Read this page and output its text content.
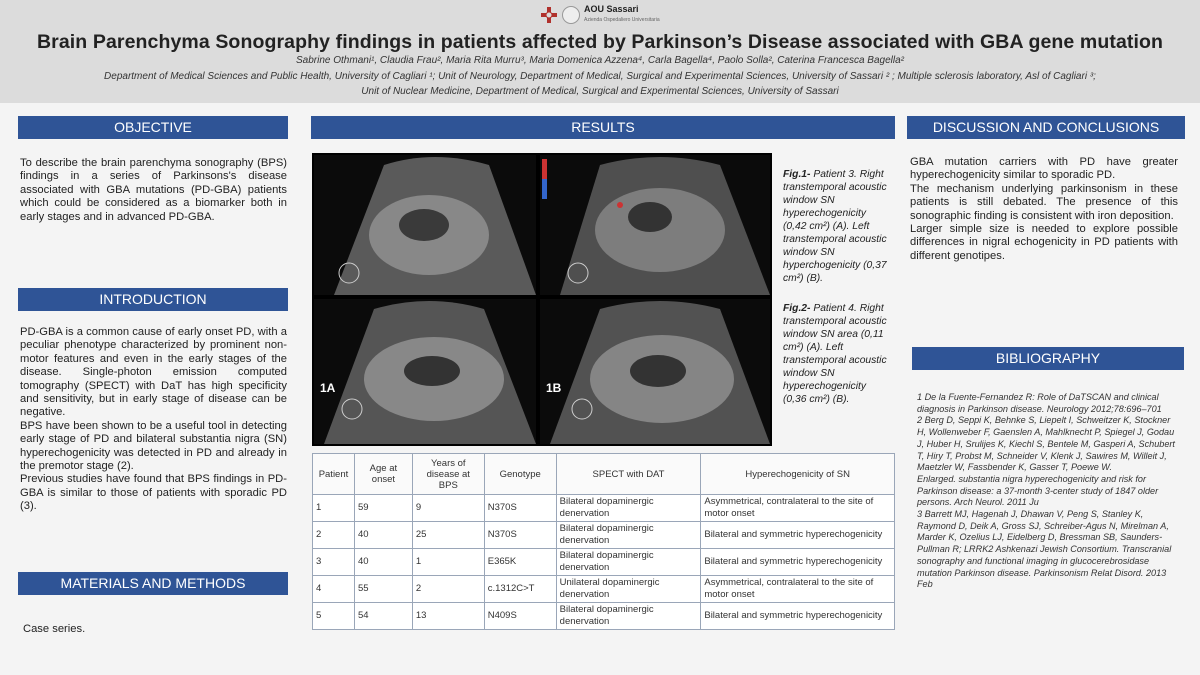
AOU Sassari
Azienda Ospedaliero Universitaria
Brain Parenchyma Sonography findings in patients affected by Parkinson’s Disease associated with GBA gene mutation
Sabrine Othmani¹, Claudia Frau², Maria Rita Murru³, Maria Domenica Azzena⁴, Carla Bagella⁴, Paolo Solla², Caterina Francesca Bagella²
Department of Medical Sciences and Public Health, University of Cagliari ¹; Unit of Neurology, Department of Medical, Surgical and Experimental Sciences, University of Sassari ² ; Multiple sclerosis laboratory, Asl of Cagliari ³;
Unit of Nuclear Medicine, Department of Medical, Surgical and Experimental Sciences, University of Sassari
OBJECTIVE

To describe the brain parenchyma sonography (BPS) findings in a series of Parkinsons's disease associated with GBA mutations (PD-GBA) patients which could be considered as a biomarker both in early stages and in advanced PD-GBA.

INTRODUCTION

PD-GBA is a common cause of early onset PD, with a peculiar phenotype characterized by prominent non-motor features and even in the early stages of the disease. Single-photon emission computed tomography (SPECT) with DaT has high specificity and sensitivity, but in early stage of disease can be negative.

BPS have been shown to be a useful tool in detecting early stage of PD and bilateral substantia nigra (SN) hyperechogenicity was detected in PD and already in the premotor stage (2).

Previous studies have found that BPS findings in PD-GBA is similar to those of patients with sporadic PD (3).

MATERIALS AND METHODS
Case series.
RESULTS
1A	1B
Fig.1- Patient 3. Right transtemporal acoustic window SN hyperechogenicity (0,42 cm²) (A). Left transtemporal acoustic window SN hyperchogenicity (0,37 cm²) (B).
Fig.2- Patient 4. Right transtemporal acoustic window SN area (0,11 cm²) (A). Left transtemporal acoustic window SN hyperechogenicity (0,36 cm²) (B).
Patient	Age at onset	Years of disease at BPS	Genotype	SPECT with DAT	Hyperechogenicity of SN
1	59	9	N370S	Bilateral dopaminergic denervation	Asymmetrical, contralateral to the site of motor onset
2	40	25	N370S	Bilateral dopaminergic denervation	Bilateral and symmetric hyperechogenicity
3	40	1	E365K	Bilateral dopaminergic denervation	Bilateral and symmetric hyperechogenicity
4	55	2	c.1312C>T	Unilateral dopaminergic denervation	Asymmetrical, contralateral to the site of motor onset
5	54	13	N409S	Bilateral dopaminergic denervation	Bilateral and symmetric hyperechogenicity
DISCUSSION AND CONCLUSIONS

GBA mutation carriers with PD have greater hyperechogenicity similar to sporadic PD.

The mechanism underlying parkinsonism in these patients is still debated. The presence of this sonographic finding is consistent with iron deposition.

Larger simple size is needed to explore possible differences in nigral echogenicity in PD patients with different genotipes.

BIBLIOGRAPHY

1 De la Fuente-Fernandez R: Role of DaTSCAN and clinical diagnosis in Parkinson disease. Neurology 2012;78:696–701

2 Berg D, Seppi K, Behnke S, Liepelt I, Schweitzer K, Stockner H, Wollenweber F, Gaenslen A, Mahlknecht P, Spiegel J, Godau J, Huber H, Srulijes K, Kiechl S, Bentele M, Gasperi A, Schubert T, Hiry T, Probst M, Schneider V, Klenk J, Sawires M, Willeit J, Maetzler W, Fassbender K, Gasser T, Poewe W.

Enlarged. substantia nigra hyperechogenicity and risk for Parkinson disease: a 37-month 3-center study of 1847 older persons. Arch Neurol. 2011 Ju

3 Barrett MJ, Hagenah J, Dhawan V, Peng S, Stanley K, Raymond D, Deik A, Gross SJ, Schreiber-Agus N, Mirelman A, Marder K, Ozelius LJ, Eidelberg D, Bressman SB, Saunders-Pullman R; LRRK2 Ashkenazi Jewish Consortium. Transcranial sonography and functional imaging in glucocerebrosidase mutation Parkinson disease. Parkinsonism Relat Disord. 2013 Feb
